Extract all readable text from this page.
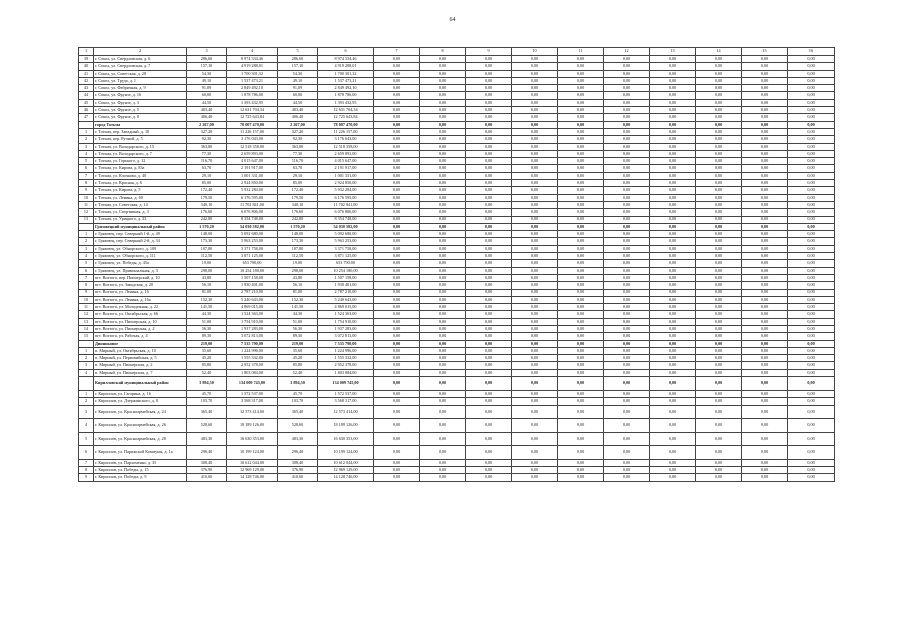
64
1	2	3	4	5	6	7	8	9	10	11	12	13	14	15	16
39	г. Сокол, ул. Свердловская, д. 6	286,60	8 974 334,46	286,60	8 974 334,46	0,00	0,00	0,00	0,00	0,00	0,00	0,00	0,00	0,00	0,00
40	г. Сокол, ул. Свердловская, д. 7	157,10	4 919 288,01	157,10	4 919 288,01	0,00	0,00	0,00	0,00	0,00	0,00	0,00	0,00	0,00	0,00
41	г. Сокол, ул. Советская, д. 28	54,30	1 700 301,32	54,30	1 700 301,32	0,00	0,00	0,00	0,00	0,00	0,00	0,00	0,00	0,00	0,00
42	г. Сокол, ул. Труда, д. 1	49,10	1 537 473,21	49,10	1 537 473,21	0,00	0,00	0,00	0,00	0,00	0,00	0,00	0,00	0,00	0,00
43	г. Сокол, ул. Фабричная, д. 9	91,09	2 849 492,10	91,09	2 849 492,10	0,00	0,00	0,00	0,00	0,00	0,00	0,00	0,00	0,00	0,00
44	г. Сокол, ул. Фрунзе, д. 16	60,00	1 878 786,00	60,00	1 878 786,00	0,00	0,00	0,00	0,00	0,00	0,00	0,00	0,00	0,00	0,00
45	г. Сокол, ул. Фрунзе, д. 3	44,50	1 393 432,95	44,50	1 393 432,95	0,00	0,00	0,00	0,00	0,00	0,00	0,00	0,00	0,00	0,00
46	г. Сокол, ул. Фрунзе, д. 5	403,40	12 631 704,34	403,40	12 631 704,34	0,00	0,00	0,00	0,00	0,00	0,00	0,00	0,00	0,00	0,00
47	г. Сокол, ул. Фрунзе, д. 8	406,40	12 725 643,84	406,40	12 725 643,84	0,00	0,00	0,00	0,00	0,00	0,00	0,00	0,00	0,00	0,00
	город Тотьма	2 267,00	78 007 470,00	2 267,00	78 007 470,00	0,00	0,00	0,00	0,00	0,00	0,00	0,00	0,00	0,00	0,00
1	г. Тотьма, пер. Западный, д. 10	327,20	11 226 157,00	327,20	11 226 157,00	0,00	0,00	0,00	0,00	0,00	0,00	0,00	0,00	0,00	0,00
2	г. Тотьма, пер. Ручной, д. 5	92,30	3 176 043,00	92,30	3 176 043,00	0,00	0,00	0,00	0,00	0,00	0,00	0,00	0,00	0,00	0,00
3	г. Тотьма, ул. Володарского, д. 15	363,80	12 518 358,00	363,80	12 518 358,00	0,00	0,00	0,00	0,00	0,00	0,00	0,00	0,00	0,00	0,00
4	г. Тотьма, ул. Володарского, д. 7	77,30	2 659 893,00	77,30	2 659 893,00	0,00	0,00	0,00	0,00	0,00	0,00	0,00	0,00	0,00	0,00
5	г. Тотьма, ул. Горького, д. 12	116,70	4 015 647,00	116,70	4 015 647,00	0,00	0,00	0,00	0,00	0,00	0,00	0,00	0,00	0,00	0,00
6	г. Тотьма, ул. Кирова, д. 83а	63,70	2 191 917,00	63,70	2 191 917,00	0,00	0,00	0,00	0,00	0,00	0,00	0,00	0,00	0,00	0,00
7	г. Тотьма, ул. Клочкова, д. 40	29,10	1 001 331,00	29,10	1 001 331,00	0,00	0,00	0,00	0,00	0,00	0,00	0,00	0,00	0,00	0,00
8	г. Тотьма, ул. Красная, д. 6	85,00	2 924 850,00	85,00	2 924 850,00	0,00	0,00	0,00	0,00	0,00	0,00	0,00	0,00	0,00	0,00
9	г. Тотьма, ул. Кирова, д. 5	172,40	5 932 284,00	172,40	5 932 284,00	0,00	0,00	0,00	0,00	0,00	0,00	0,00	0,00	0,00	0,00
10	г. Тотьма, ул. Ленина, д. 60	179,50	6 176 595,00	179,50	6 176 595,00	0,00	0,00	0,00	0,00	0,00	0,00	0,00	0,00	0,00	0,00
11	г. Тотьма, ул. Советская, д. 14	340,10	11 702 841,00	340,10	11 702 841,00	0,00	0,00	0,00	0,00	0,00	0,00	0,00	0,00	0,00	0,00
12	г. Тотьма, ул. Спортивная, д. 3	176,60	6 076 806,00	176,60	6 076 806,00	0,00	0,00	0,00	0,00	0,00	0,00	0,00	0,00	0,00	0,00
13	г. Тотьма, ул. Урицкого, д. 33	242,80	8 354 748,00	242,80	8 354 748,00	0,00	0,00	0,00	0,00	0,00	0,00	0,00	0,00	0,00	0,00
	Грязовецкий муниципальный район	1 570,20	54 030 582,00	1 570,20	54 030 582,00	0,00	0,00	0,00	0,00	0,00	0,00	0,00	0,00	0,00	0,00
1	г. Грязовец, пер. Северный 1-й, д. 49	148,00	5 092 680,00	148,00	5 092 680,00	0,00	0,00	0,00	0,00	0,00	0,00	0,00	0,00	0,00	0,00
2	г. Грязовец, пер. Северный 2-й, д. 34	173,30	5 963 253,00	173,30	5 963 253,00	0,00	0,00	0,00	0,00	0,00	0,00	0,00	0,00	0,00	0,00
3	г. Грязовец, ул. Обнорского, д. 109	107,80	3 371 758,00	107,80	3 371 758,00	0,00	0,00	0,00	0,00	0,00	0,00	0,00	0,00	0,00	0,00
4	г. Грязовец, ул. Обнорского, д. 111	112,50	3 871 125,00	112,50	3 871 125,00	0,00	0,00	0,00	0,00	0,00	0,00	0,00	0,00	0,00	0,00
5	г. Грязовец, ул. Победы, д. 45а	19,00	653 790,00	19,00	653 790,00	0,00	0,00	0,00	0,00	0,00	0,00	0,00	0,00	0,00	0,00
6	г. Грязовец, ул. Привокзальная, д. 3	298,00	10 254 180,00	298,00	10 254 180,00	0,00	0,00	0,00	0,00	0,00	0,00	0,00	0,00	0,00	0,00
7	пгт. Вохтога, пер. Пионерский, д. 10	43,80	1 507 158,00	43,80	1 507 158,00	0,00	0,00	0,00	0,00	0,00	0,00	0,00	0,00	0,00	0,00
8	пгт. Вохтога, ул. Заводская, д. 20	56,10	1 930 401,00	56,10	1 930 401,00	0,00	0,00	0,00	0,00	0,00	0,00	0,00	0,00	0,00	0,00
9	пгт. Вохтога, ул. Ленина, д. 16	81,00	2 787 210,00	81,00	2 787 210,00	0,00	0,00	0,00	0,00	0,00	0,00	0,00	0,00	0,00	0,00
10	пгт. Вохтога, ул. Ленина, д. 16а	152,30	5 240 643,00	152,30	5 240 643,00	0,00	0,00	0,00	0,00	0,00	0,00	0,00	0,00	0,00	0,00
11	пгт. Вохтога, ул. Молодежная, д. 22	141,50	4 869 015,00	141,50	4 869 015,00	0,00	0,00	0,00	0,00	0,00	0,00	0,00	0,00	0,00	0,00
12	пгт. Вохтога, ул. Октябрьская, д. 66	44,30	1 524 363,00	44,30	1 524 363,00	0,00	0,00	0,00	0,00	0,00	0,00	0,00	0,00	0,00	0,00
13	пгт. Вохтога, ул. Пионерская, д. 10	51,00	1 754 910,00	51,00	1 754 910,00	0,00	0,00	0,00	0,00	0,00	0,00	0,00	0,00	0,00	0,00
14	пгт. Вохтога, ул. Пионерская, д. 2	56,30	1 937 283,00	56,30	1 937 283,00	0,00	0,00	0,00	0,00	0,00	0,00	0,00	0,00	0,00	0,00
15	пгт. Вохтога, ул. Рабочая, д. 4	89,30	3 072 813,00	89,30	3 072 813,00	0,00	0,00	0,00	0,00	0,00	0,00	0,00	0,00	0,00	0,00
	Динниковое	219,00	7 535 790,00	219,00	7 535 790,00	0,00	0,00	0,00	0,00	0,00	0,00	0,00	0,00	0,00	0,00
1	п. Мирный, ул. Октябрьская, д. 10	35,60	1 224 996,00	35,60	1 224 996,00	0,00	0,00	0,00	0,00	0,00	0,00	0,00	0,00	0,00	0,00
2	п. Мирный, ул. Первомайская, д. 5	45,20	1 555 332,00	45,20	1 555 332,00	0,00	0,00	0,00	0,00	0,00	0,00	0,00	0,00	0,00	0,00
3	п. Мирный, ул. Пионерская, д. 2	85,80	2 952 378,00	85,80	2 952 378,00	0,00	0,00	0,00	0,00	0,00	0,00	0,00	0,00	0,00	0,00
4	п. Мирный, ул. Пионерская, д. 7	52,40	1 803 084,00	52,40	1 803 084,00	0,00	0,00	0,00	0,00	0,00	0,00	0,00	0,00	0,00	0,00
	Кирилловский муниципальный район	3 894,50	134 009 745,00	3 894,50	134 009 745,00	0,00	0,00	0,00	0,00	0,00	0,00	0,00	0,00	0,00	0,00
1	г. Кириллов, ул. Гагарина, д. 16	45,70	1 572 537,00	45,70	1 572 537,00	0,00	0,00	0,00	0,00	0,00	0,00	0,00	0,00	0,00	0,00
2	г. Кириллов, ул. Дзержинского, д. 8	103,70	3 568 317,00	103,70	3 568 317,00	0,00	0,00	0,00	0,00	0,00	0,00	0,00	0,00	0,00	0,00
3	г. Кириллов, ул. Красноармейская, д. 24	365,40	12 573 414,00	365,40	12 573 414,00	0,00	0,00	0,00	0,00	0,00	0,00	0,00	0,00	0,00	0,00
4	г. Кириллов, ул. Красноармейская, д. 26	528,60	18 189 126,00	528,60	18 189 126,00	0,00	0,00	0,00	0,00	0,00	0,00	0,00	0,00	0,00	0,00
5	г. Кириллов, ул. Красноармейская, д. 28	483,30	16 630 353,00	483,30	16 630 353,00	0,00	0,00	0,00	0,00	0,00	0,00	0,00	0,00	0,00	0,00
6	г. Кириллов, ул. Парижской Коммуны, д. 1а	296,40	10 199 124,00	296,40	10 199 124,00	0,00	0,00	0,00	0,00	0,00	0,00	0,00	0,00	0,00	0,00
7	г. Кириллов, ул. Пархоменко, д. 35	308,40	10 612 044,00	308,40	10 612 044,00	0,00	0,00	0,00	0,00	0,00	0,00	0,00	0,00	0,00	0,00
8	г. Кириллов, ул. Победы, д. 15	376,90	12 969 129,00	376,90	12 969 129,00	0,00	0,00	0,00	0,00	0,00	0,00	0,00	0,00	0,00	0,00
9	г. Кириллов, ул. Победы, д. 9	410,60	14 128 746,00	410,60	14 128 746,00	0,00	0,00	0,00	0,00	0,00	0,00	0,00	0,00	0,00	0,00
